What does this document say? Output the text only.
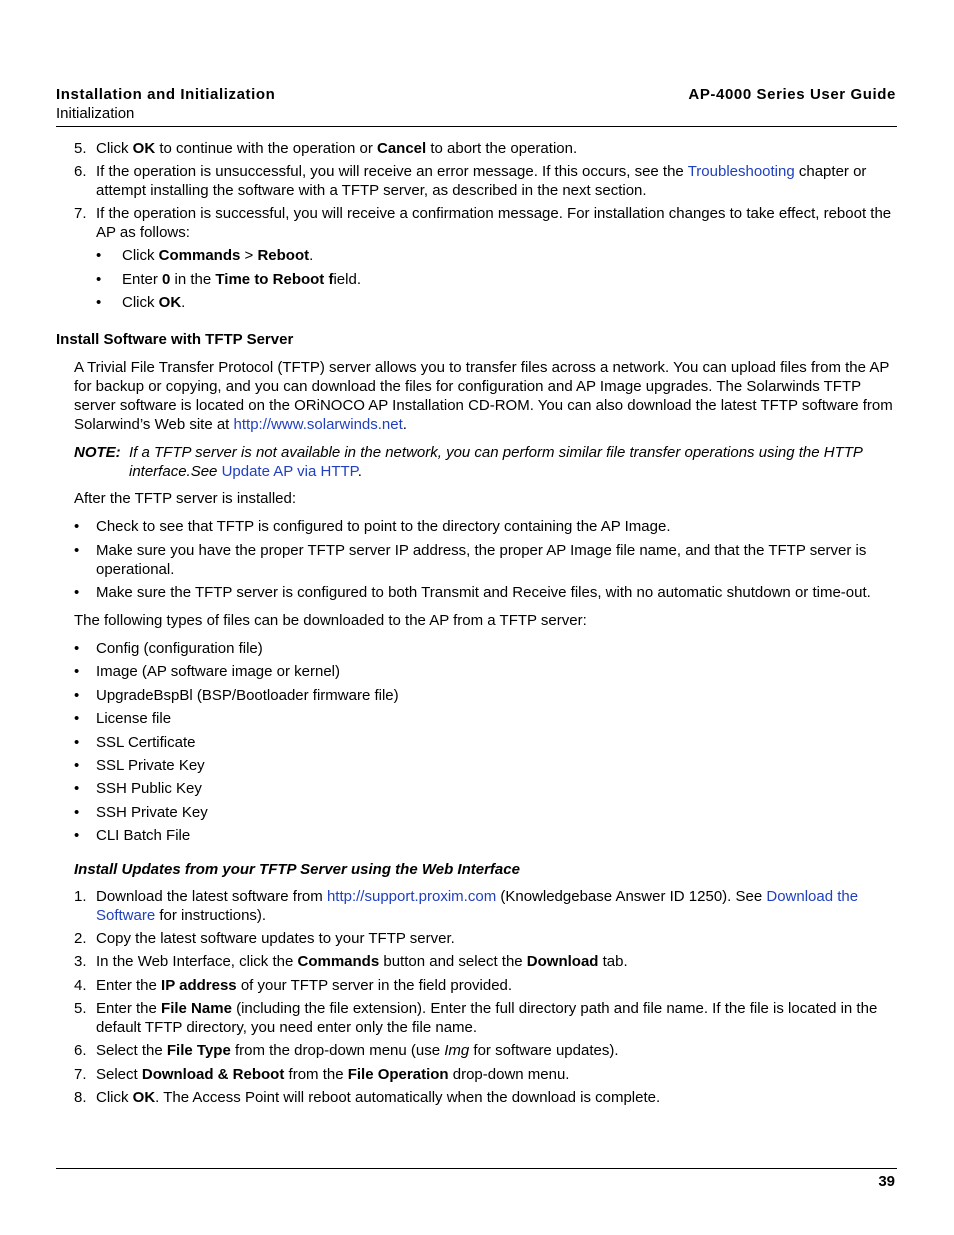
Installation and Initialization
Initialization
AP-4000 Series User Guide
5. Click OK to continue with the operation or Cancel to abort the operation.
6. If the operation is unsuccessful, you will receive an error message. If this occurs, see the Troubleshooting chapter or attempt installing the software with a TFTP server, as described in the next section.
7. If the operation is successful, you will receive a confirmation message. For installation changes to take effect, reboot the AP as follows:
• Click Commands > Reboot.
• Enter 0 in the Time to Reboot field.
• Click OK.
Install Software with TFTP Server
A Trivial File Transfer Protocol (TFTP) server allows you to transfer files across a network. You can upload files from the AP for backup or copying, and you can download the files for configuration and AP Image upgrades. The Solarwinds TFTP server software is located on the ORiNOCO AP Installation CD-ROM. You can also download the latest TFTP software from Solarwind’s Web site at http://www.solarwinds.net.
NOTE: If a TFTP server is not available in the network, you can perform similar file transfer operations using the HTTP interface.See Update AP via HTTP.
After the TFTP server is installed:
• Check to see that TFTP is configured to point to the directory containing the AP Image.
• Make sure you have the proper TFTP server IP address, the proper AP Image file name, and that the TFTP server is operational.
• Make sure the TFTP server is configured to both Transmit and Receive files, with no automatic shutdown or time-out.
The following types of files can be downloaded to the AP from a TFTP server:
• Config (configuration file)
• Image (AP software image or kernel)
• UpgradeBspBl (BSP/Bootloader firmware file)
• License file
• SSL Certificate
• SSL Private Key
• SSH Public Key
• SSH Private Key
• CLI Batch File
Install Updates from your TFTP Server using the Web Interface
1. Download the latest software from http://support.proxim.com (Knowledgebase Answer ID 1250). See Download the
Software for instructions).
2. Copy the latest software updates to your TFTP server.
3. In the Web Interface, click the Commands button and select the Download tab.
4. Enter the IP address of your TFTP server in the field provided.
5. Enter the File Name (including the file extension). Enter the full directory path and file name. If the file is located in the default TFTP directory, you need enter only the file name.
6. Select the File Type from the drop-down menu (use Img for software updates).
7. Select Download & Reboot from the File Operation drop-down menu.
8. Click OK. The Access Point will reboot automatically when the download is complete.
39
